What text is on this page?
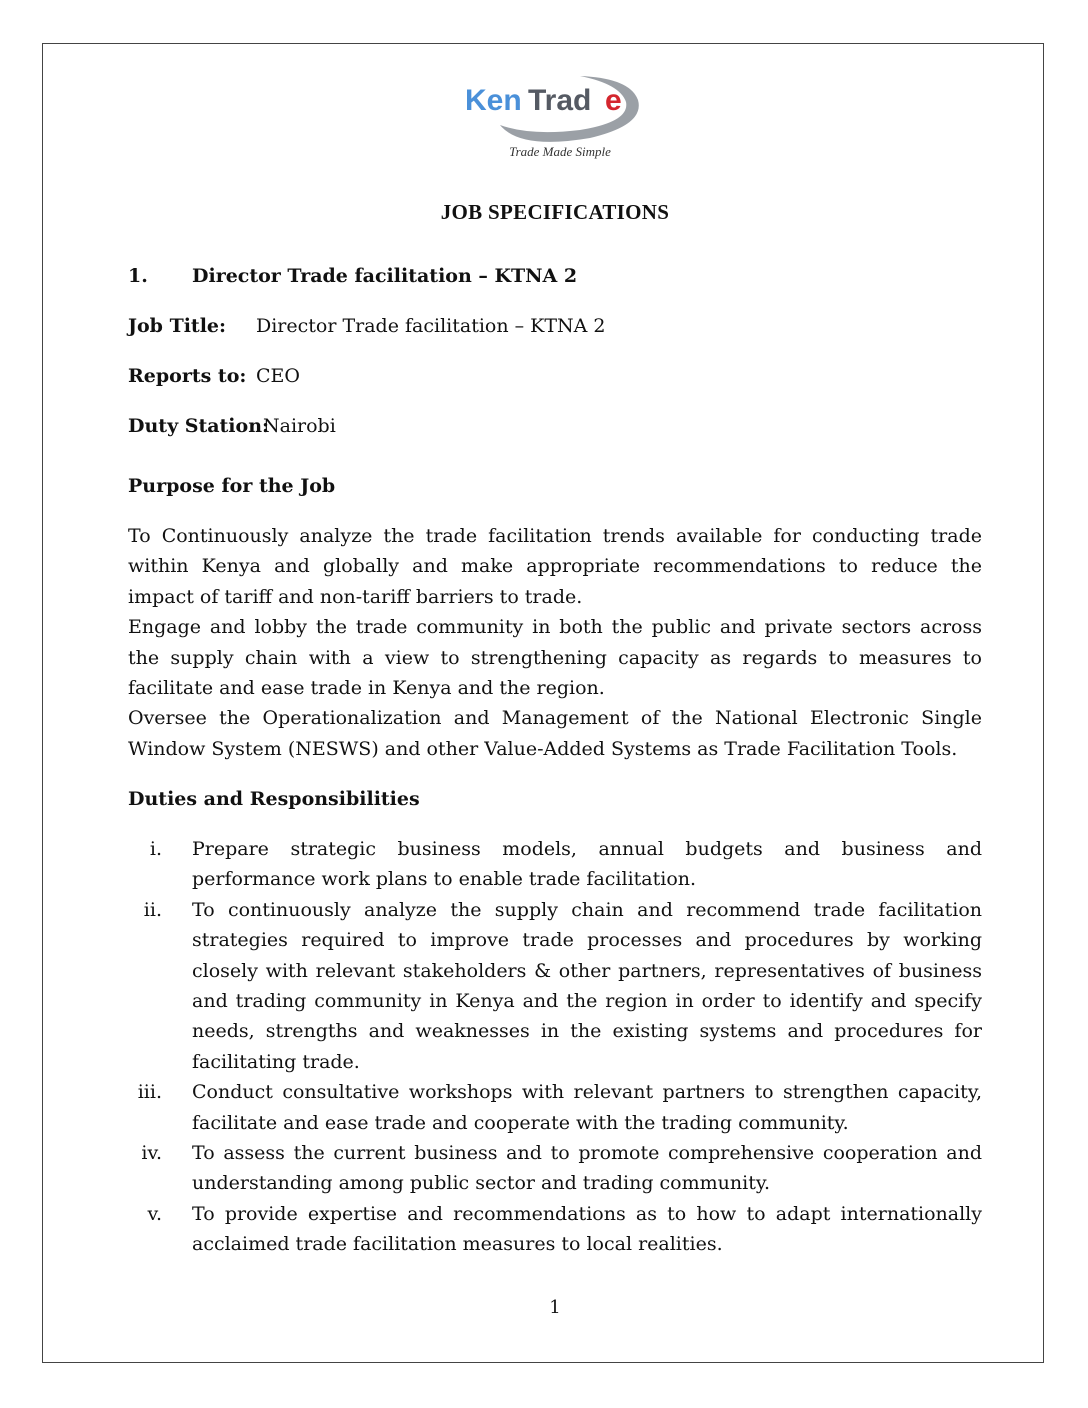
Ken Trad e
Trade Made Simple
JOB SPECIFICATIONS
1. Director Trade facilitation – KTNA 2
Job Title: Director Trade facilitation – KTNA 2
Reports to: CEO
Duty Station:
Nairobi
Purpose for the Job

To Continuously analyze the trade facilitation trends available for conducting trade within Kenya and globally and make appropriate recommendations to reduce the impact of tariff and non-tariff barriers to trade.

Engage and lobby the trade community in both the public and private sectors across the supply chain with a view to strengthening capacity as regards to measures to facilitate and ease trade in Kenya and the region.

Oversee the Operationalization and Management of the National Electronic Single Window System (NESWS) and other Value-Added Systems as Trade Facilitation Tools.

Duties and Responsibilities
i. Prepare strategic business models, annual budgets and business and performance work plans to enable trade facilitation.
ii. To continuously analyze the supply chain and recommend trade facilitation strategies required to improve trade processes and procedures by working closely with relevant stakeholders & other partners, representatives of business and trading community in Kenya and the region in order to identify and specify needs, strengths and weaknesses in the existing systems and procedures for facilitating trade.
iii. Conduct consultative workshops with relevant partners to strengthen capacity, facilitate and ease trade and cooperate with the trading community.
iv. To assess the current business and to promote comprehensive cooperation and understanding among public sector and trading community.
v. To provide expertise and recommendations as to how to adapt internationally acclaimed trade facilitation measures to local realities.
1
